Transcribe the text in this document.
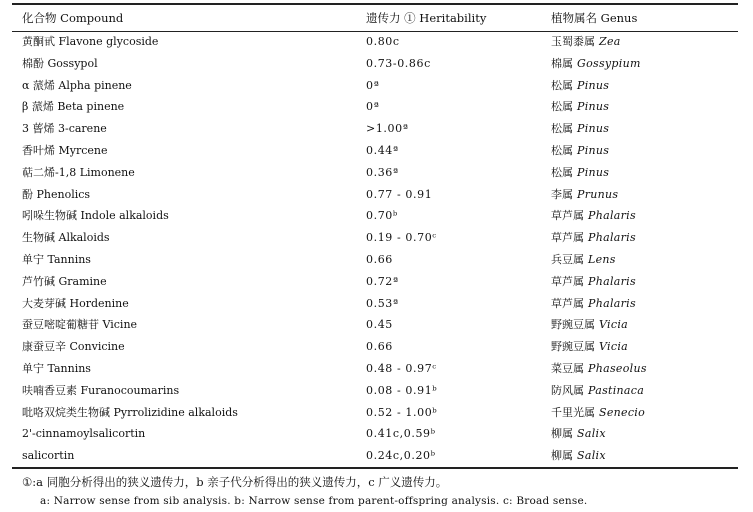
化合物 Compound	遗传力 ① Heritability	植物属名 Genus
黄酮甙 Flavone glycoside	0.80c	玉蜀黍属 Zea
棉酚 Gossypol	0.73-0.86c	棉属 Gossypium
α 蒎烯 Alpha pinene	0ª	松属 Pinus
β 蒎烯 Beta pinene	0ª	松属 Pinus
3 蒈烯 3-carene	>1.00ª	松属 Pinus
香叶烯 Myrcene	0.44ª	松属 Pinus
萜二烯-1,8 Limonene	0.36ª	松属 Pinus
酚 Phenolics	0.77 - 0.91	李属 Prunus
吲哚生物碱 Indole alkaloids	0.70ᵇ	草芦属 Phalaris
生物碱 Alkaloids	0.19 - 0.70ᶜ	草芦属 Phalaris
单宁 Tannins	0.66	兵豆属 Lens
芦竹碱 Gramine	0.72ª	草芦属 Phalaris
大麦芽碱 Hordenine	0.53ª	草芦属 Phalaris
蚕豆嘧啶葡糖苷 Vicine	0.45	野豌豆属 Vicia
康蚕豆辛 Convicine	0.66	野豌豆属 Vicia
单宁 Tannins	0.48 - 0.97ᶜ	菜豆属 Phaseolus
呋喃香豆素 Furanocoumarins	0.08 - 0.91ᵇ	防风属 Pastinaca
吡咯双烷类生物碱 Pyrrolizidine alkaloids	0.52 - 1.00ᵇ	千里光属 Senecio
2'-cinnamoylsalicortin	0.41c,0.59ᵇ	柳属 Salix
salicortin	0.24c,0.20ᵇ	柳属 Salix
①:a 同胞分析得出的狭义遗传力，b 亲子代分析得出的狭义遗传力，c 广义遗传力。
a: Narrow sense from sib analysis. b: Narrow sense from parent-offspring analysis. c: Broad sense.
